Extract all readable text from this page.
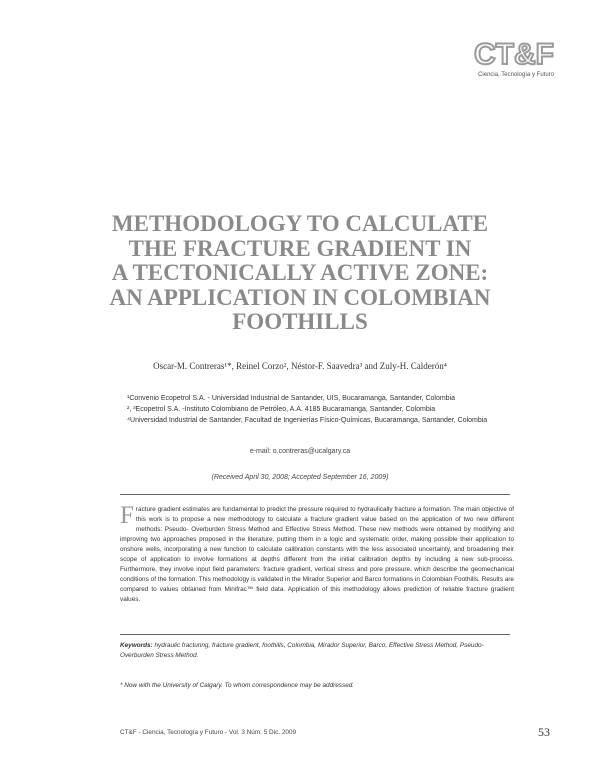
CT&F
Ciencia, Tecnología y Futuro
METHODOLOGY TO CALCULATE
THE FRACTURE GRADIENT IN
A TECTONICALLY ACTIVE ZONE:
AN APPLICATION IN COLOMBIAN
FOOTHILLS
Oscar-M. Contreras¹*, Reinel Corzo², Néstor-F. Saavedra³ and Zuly-H. Calderón⁴
¹Convenio Ecopetrol S.A. - Universidad Industrial de Santander, UIS, Bucaramanga, Santander, Colombia
², ³Ecopetrol S.A. -Instituto Colombiano de Petróleo, A.A. 4185 Bucaramanga, Santander, Colombia
⁴Universidad Industrial de Santander, Facultad de Ingenierías Físico-Químicas, Bucaramanga, Santander, Colombia
e-mail: o.contreras@ucalgary.ca
(Received April 30, 2008; Accepted September 16, 2009)
Fracture gradient estimates are fundamental to predict the pressure required to hydraulically fracture a formation. The main objective of this work is to propose a new methodology to calculate a fracture gradient value based on the application of two new different methods: Pseudo- Overburden Stress Method and Effective Stress Method. These new methods were obtained by modifying and improving two approaches proposed in the literature, putting them in a logic and systematic order, making possible their application to onshore wells, incorporating a new function to calculate calibration constants with the less associated uncertainty, and broadening their scope of application to involve formations at depths different from the initial calibration depths by including a new sub-process. Furthermore, they involve input field parameters: fracture gradient, vertical stress and pore pressure, which describe the geomechanical conditions of the formation. This methodology is validated in the Mirador Superior and Barco formations in Colombian Foothills. Results are compared to values obtained from Minifrac™ field data. Application of this methodology allows prediction of reliable fracture gradient values.
Keywords: hydraulic fracturing, fracture gradient, foothills, Colombia, Mirador Superior, Barco, Effective Stress Method, Pseudo-Overburden Stress Method.
* Now with the University of Calgary. To whom correspondence may be addressed.
CT&F - Ciencia, Tecnología y Futuro - Vol. 3 Núm. 5 Dic. 2009	53
